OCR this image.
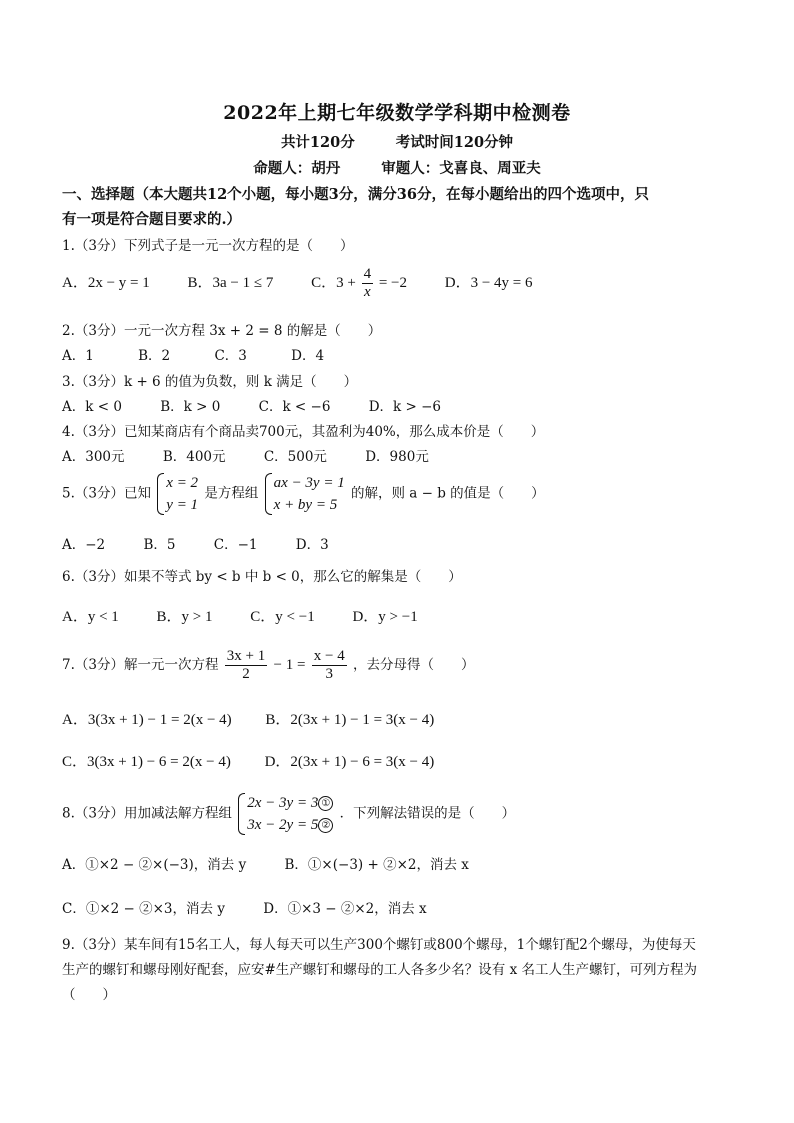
2022年上期七年级数学学科期中检测卷
共计120分	考试时间120分钟
命题人：胡丹	审题人：戈喜良、周亚夫
一、选择题（本大题共12个小题，每小题3分，满分36分，在每小题给出的四个选项中，只
有一项是符合题目要求的.）
1.（3分）下列式子是一元一次方程的是（　　）
A．2x − y = 1	B．3a − 1 ≤ 7	C．$3 + \frac{4}{x} = -2$	D．3 − 4y = 6
2.（3分）一元一次方程 3x + 2 = 8 的解是（　　）
A．1	B．2	C．3	D．4
3.（3分）k + 6 的值为负数，则 k 满足（　　）
A．k < 0	B．k > 0	C．k < −6	D．k > −6
4.（3分）已知某商店有个商品卖700元，其盈利为40%，那么成本价是（　　）
A．300元	B．400元	C．500元	D．980元
5.（3分）已知
x = 2
y = 1
是方程组
ax − 3y = 1
x + by = 5
的解，则 a − b 的值是（　　）
A．−2	B．5	C．−1	D．3
6.（3分）如果不等式 by < b 中 b < 0，那么它的解集是（　　）
A．y < 1	B．y > 1	C．y < −1	D．y > −1
7.（3分）解一元一次方程 $\frac{3x + 1}{2} - 1 = \frac{x - 4}{3}$ ，去分母得（　　）
A．3(3x + 1) − 1 = 2(x − 4) B．2(3x + 1) − 1 = 3(x − 4)
C．3(3x + 1) − 6 = 2(x − 4) D．2(3x + 1) − 6 = 3(x − 4)
8.（3分）用加减法解方程组
2x − 3y = 3 ①
3x − 2y = 5 ②
．下列解法错误的是（　　）
A．①×2 − ②×(−3)，消去 y	B．①×(−3) + ②×2，消去 x
C．①×2 − ②×3，消去 y	D．①×3 − ②×2，消去 x
9.（3分）某车间有15名工人，每人每天可以生产300个螺钉或800个螺母，1个螺钉配2个螺母，为使每天
生产的螺钉和螺母刚好配套，应安#生产螺钉和螺母的工人各多少名？设有 x 名工人生产螺钉，可列方程为
（　　）
